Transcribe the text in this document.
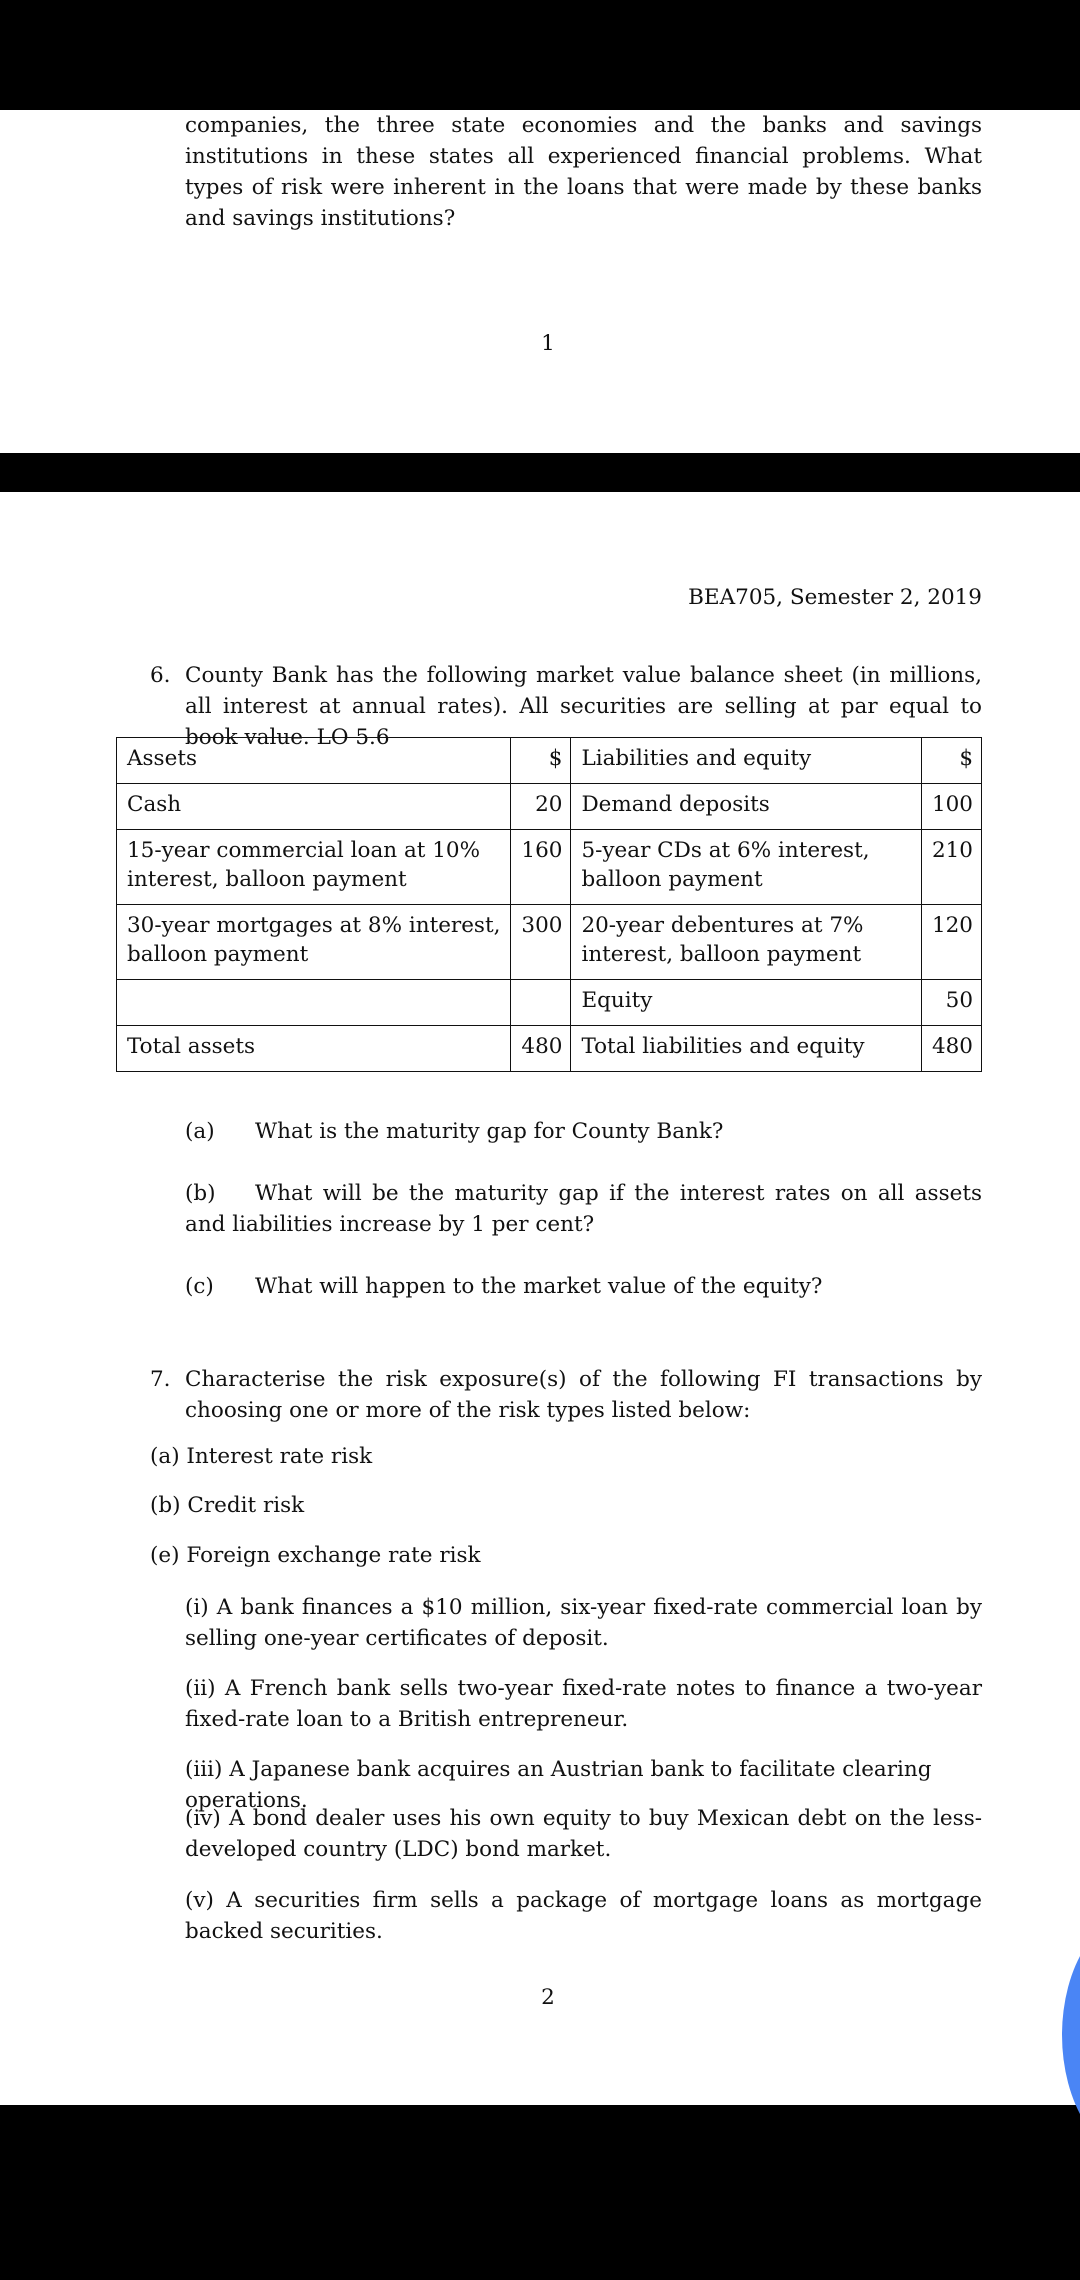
companies, the three state economies and the banks and savings institutions in these states all experienced financial problems. What types of risk were inherent in the loans that were made by these banks and savings institutions?

1

BEA705, Semester 2, 2019

6. County Bank has the following market value balance sheet (in millions, all interest at annual rates). All securities are selling at par equal to book value. LO 5.6

Assets	$	Liabilities and equity	$
Cash	20	Demand deposits	100
15-year commercial loan at 10% interest, balloon payment	160	5-year CDs at 6% interest, balloon payment	210
30-year mortgages at 8% interest, balloon payment	300	20-year debentures at 7% interest, balloon payment	120
		Equity	50
Total assets	480	Total liabilities and equity	480

(a) What is the maturity gap for County Bank?

(b) What will be the maturity gap if the interest rates on all assets and liabilities increase by 1 per cent?

(c) What will happen to the market value of the equity?

7. Characterise the risk exposure(s) of the following FI transactions by choosing one or more of the risk types listed below:

(a) Interest rate risk

(b) Credit risk

(e) Foreign exchange rate risk

(i) A bank finances a $10 million, six-year fixed-rate commercial loan by selling one-year certificates of deposit.

(ii) A French bank sells two-year fixed-rate notes to finance a two-year fixed-rate loan to a British entrepreneur.

(iii) A Japanese bank acquires an Austrian bank to facilitate clearing operations.

(iv) A bond dealer uses his own equity to buy Mexican debt on the less-developed country (LDC) bond market.

(v) A securities firm sells a package of mortgage loans as mortgage backed securities.

2
